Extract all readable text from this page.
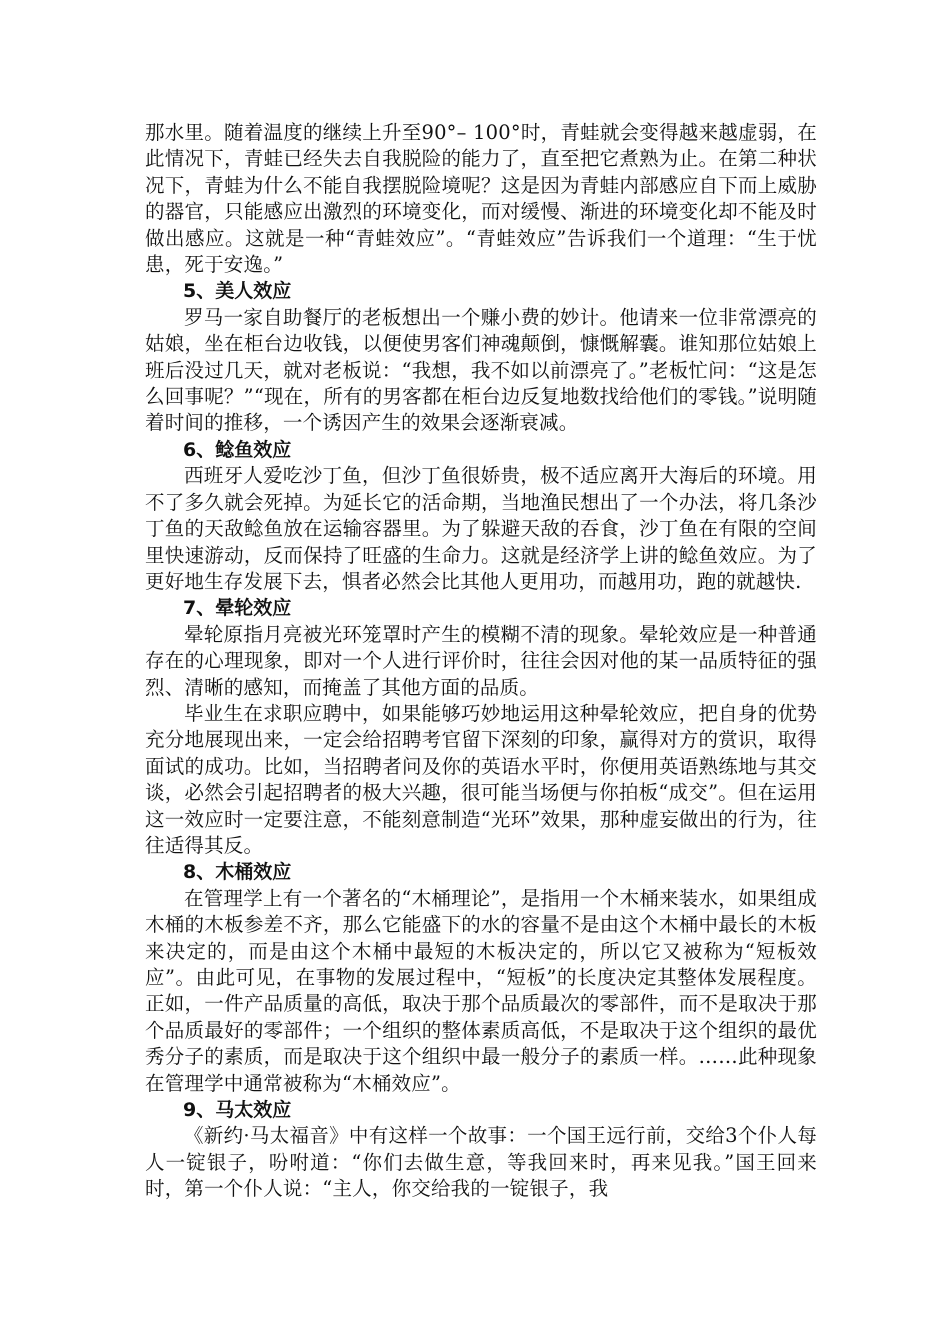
那水里。随着温度的继续上升至90°– 100°时，青蛙就会变得越来越虚弱，在此情况下，青蛙已经失去自我脱险的能力了，直至把它煮熟为止。在第二种状况下，青蛙为什么不能自我摆脱险境呢？这是因为青蛙内部感应自下而上威胁的器官，只能感应出激烈的环境变化，而对缓慢、渐进的环境变化却不能及时做出感应。这就是一种“青蛙效应”。“青蛙效应”告诉我们一个道理：“生于忧患，死于安逸。”

5、美人效应

罗马一家自助餐厅的老板想出一个赚小费的妙计。他请来一位非常漂亮的姑娘，坐在柜台边收钱，以便使男客们神魂颠倒，慷慨解囊。谁知那位姑娘上班后没过几天，就对老板说：“我想，我不如以前漂亮了。”老板忙问：“这是怎么回事呢？”“现在，所有的男客都在柜台边反复地数找给他们的零钱。”说明随着时间的推移，一个诱因产生的效果会逐渐衰减。

6、鲶鱼效应

西班牙人爱吃沙丁鱼，但沙丁鱼很娇贵，极不适应离开大海后的环境。用不了多久就会死掉。为延长它的活命期，当地渔民想出了一个办法，将几条沙丁鱼的天敌鲶鱼放在运输容器里。为了躲避天敌的吞食，沙丁鱼在有限的空间里快速游动，反而保持了旺盛的生命力。这就是经济学上讲的鲶鱼效应。为了更好地生存发展下去，惧者必然会比其他人更用功，而越用功，跑的就越快.

7、晕轮效应

晕轮原指月亮被光环笼罩时产生的模糊不清的现象。晕轮效应是一种普通存在的心理现象，即对一个人进行评价时，往往会因对他的某一品质特征的强烈、清晰的感知，而掩盖了其他方面的品质。

毕业生在求职应聘中，如果能够巧妙地运用这种晕轮效应，把自身的优势充分地展现出来，一定会给招聘考官留下深刻的印象，赢得对方的赏识，取得面试的成功。比如，当招聘者问及你的英语水平时，你便用英语熟练地与其交谈，必然会引起招聘者的极大兴趣，很可能当场便与你拍板“成交”。但在运用这一效应时一定要注意，不能刻意制造“光环”效果，那种虚妄做出的行为，往往适得其反。

8、木桶效应

在管理学上有一个著名的“木桶理论”，是指用一个木桶来装水，如果组成木桶的木板参差不齐，那么它能盛下的水的容量不是由这个木桶中最长的木板来决定的，而是由这个木桶中最短的木板决定的，所以它又被称为“短板效应”。由此可见，在事物的发展过程中，“短板”的长度决定其整体发展程度。正如，一件产品质量的高低，取决于那个品质最次的零部件，而不是取决于那个品质最好的零部件；一个组织的整体素质高低，不是取决于这个组织的最优秀分子的素质，而是取决于这个组织中最一般分子的素质一样。……此种现象在管理学中通常被称为“木桶效应”。

9、马太效应

《新约·马太福音》中有这样一个故事：一个国王远行前，交给3个仆人每人一锭银子，吩咐道：“你们去做生意，等我回来时，再来见我。”国王回来时，第一个仆人说：“主人，你交给我的一锭银子，我
